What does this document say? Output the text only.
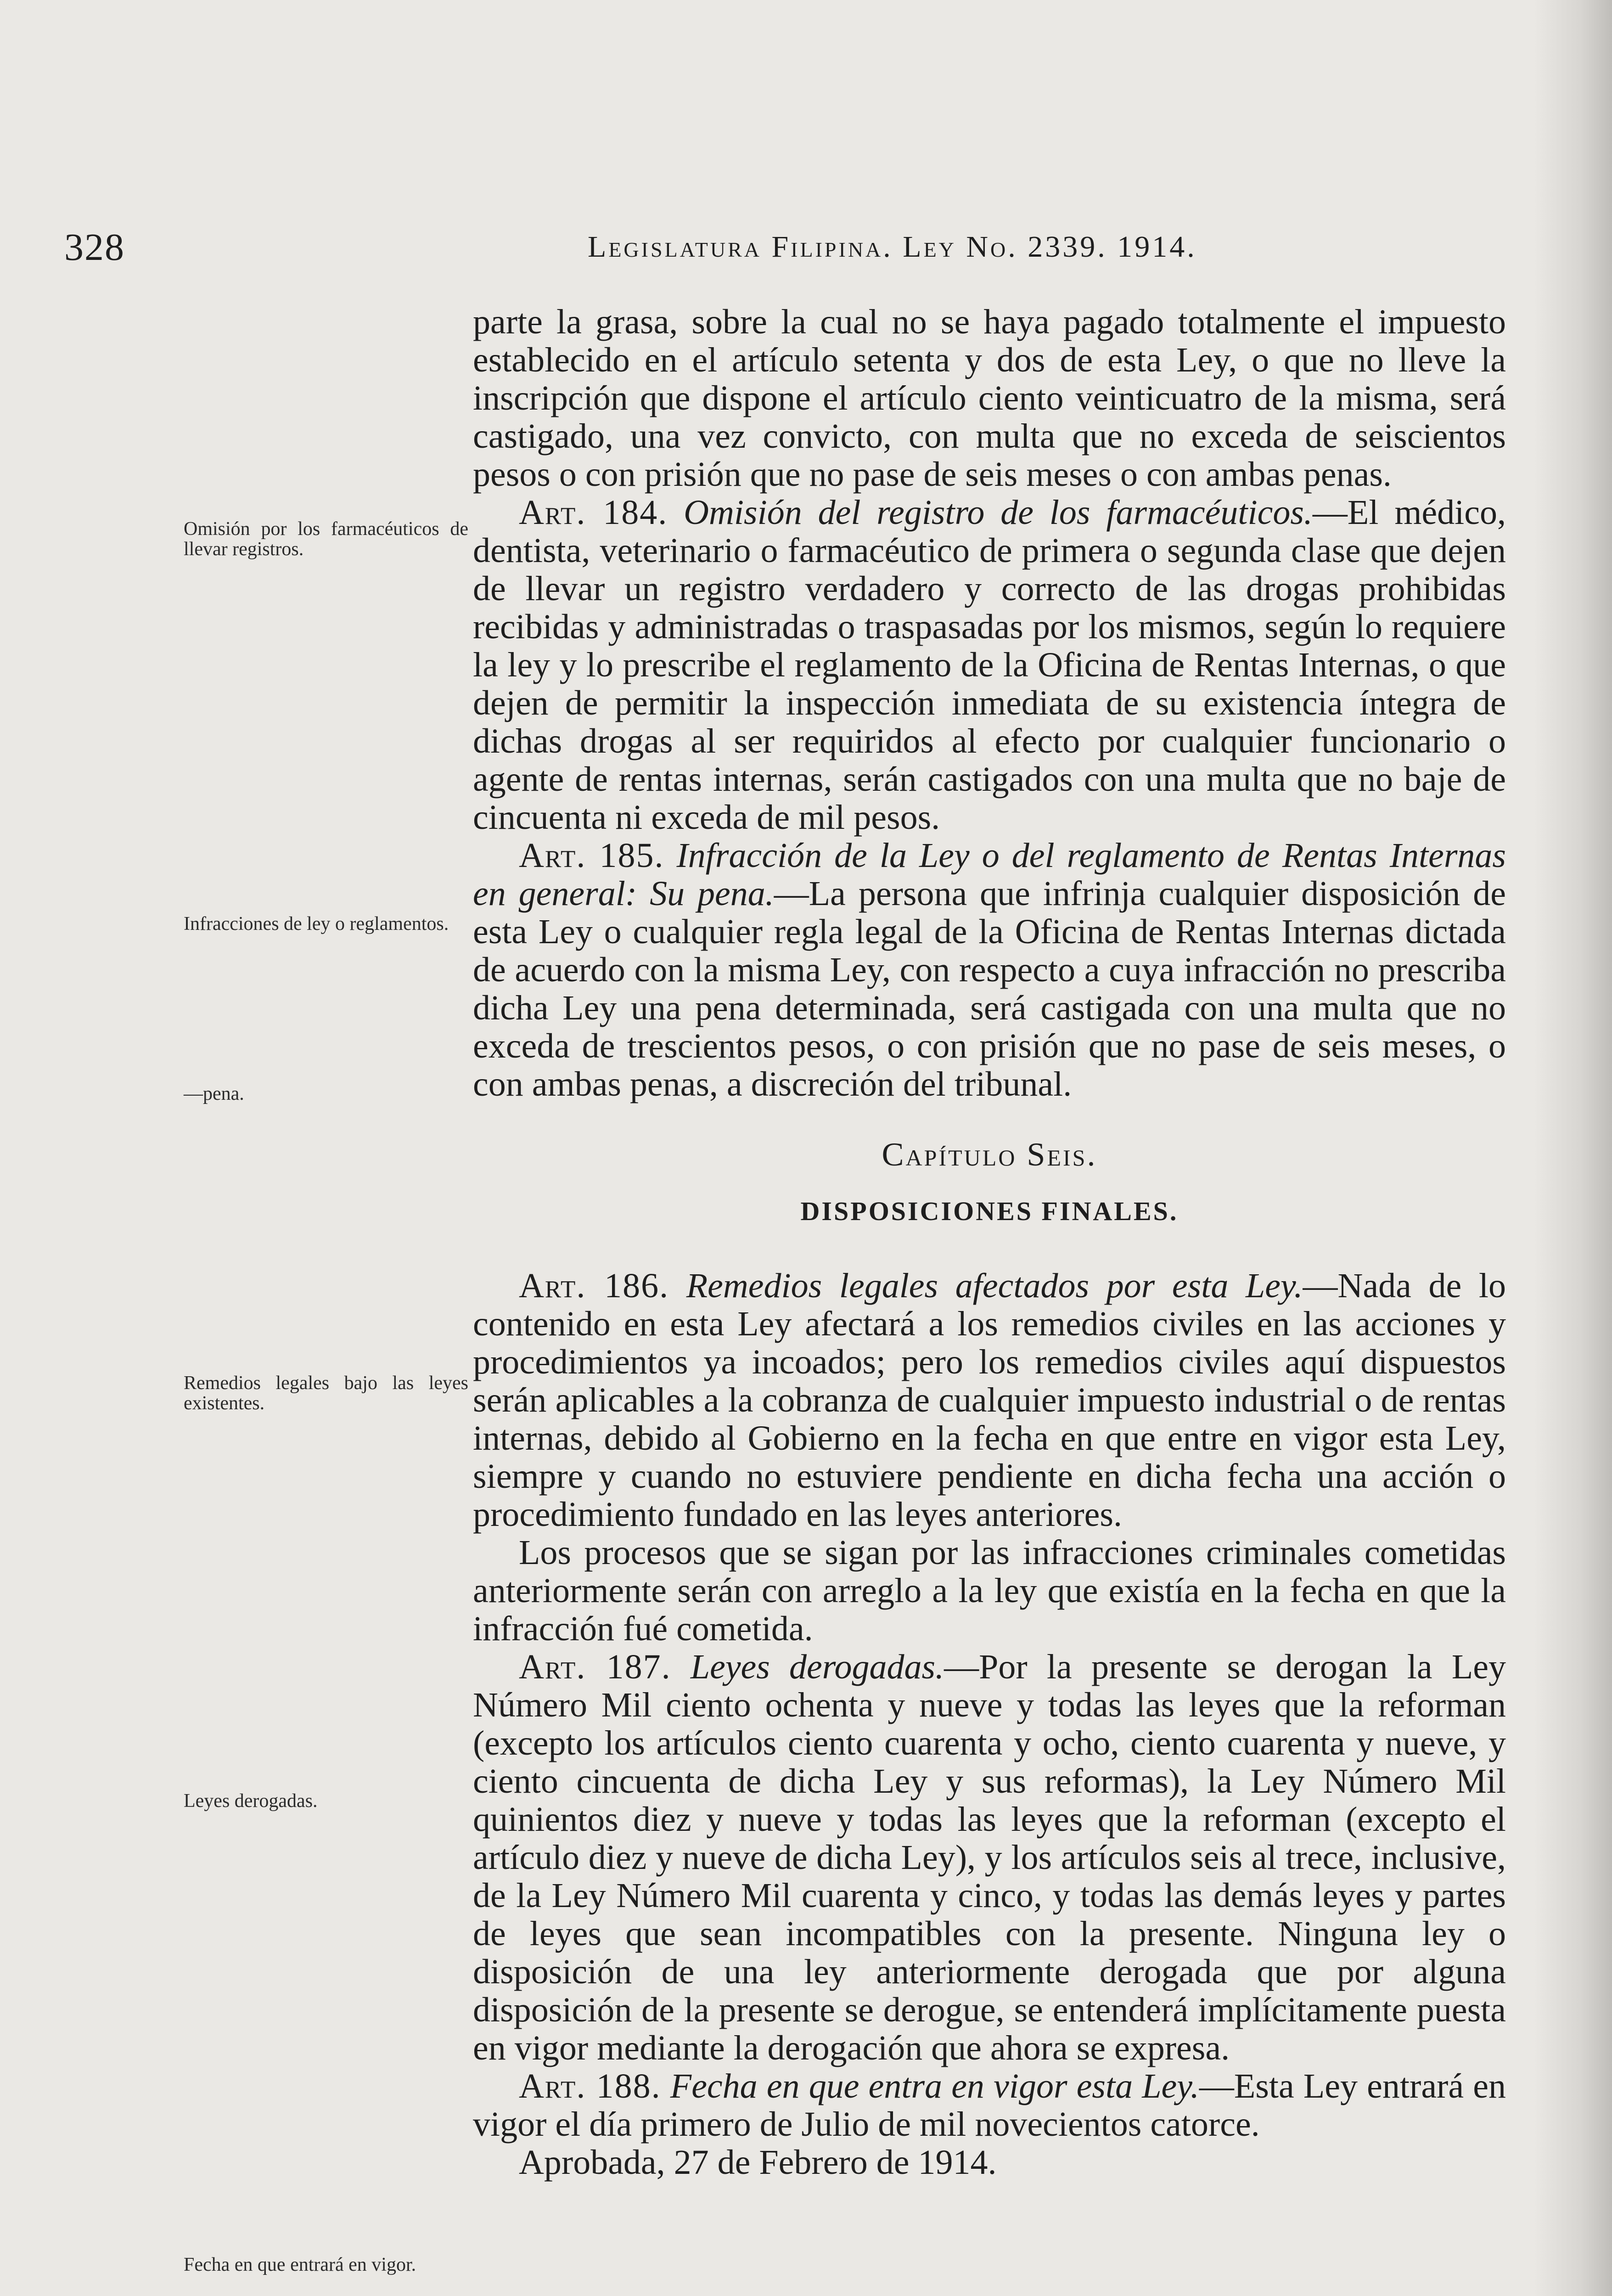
328	Legislatura Filipina. Ley No. 2339. 1914.
Omisión por los farmacéuticos de llevar registros.
Infracciones de ley o reglamentos.
—pena.
Remedios legales bajo las leyes existentes.
Leyes derogadas.
Fecha en que entrará en vigor.

parte la grasa, sobre la cual no se haya pagado totalmente el impuesto establecido en el artículo setenta y dos de esta Ley, o que no lleve la inscripción que dispone el artículo ciento veinticuatro de la misma, será castigado, una vez convicto, con multa que no exceda de seiscientos pesos o con prisión que no pase de seis meses o con ambas penas.

Art. 184. Omisión del registro de los farmacéuticos.—El médico, dentista, veterinario o farmacéutico de primera o segunda clase que dejen de llevar un registro verdadero y correcto de las drogas prohibidas recibidas y administradas o traspasadas por los mismos, según lo requiere la ley y lo prescribe el reglamento de la Oficina de Rentas Internas, o que dejen de permitir la inspección inmediata de su existencia íntegra de dichas drogas al ser requiridos al efecto por cualquier funcionario o agente de rentas internas, serán castigados con una multa que no baje de cincuenta ni exceda de mil pesos.

Art. 185. Infracción de la Ley o del reglamento de Rentas Internas en general: Su pena.—La persona que infrinja cualquier disposición de esta Ley o cualquier regla legal de la Oficina de Rentas Internas dictada de acuerdo con la misma Ley, con respecto a cuya infracción no prescriba dicha Ley una pena determinada, será castigada con una multa que no exceda de trescientos pesos, o con prisión que no pase de seis meses, o con ambas penas, a discreción del tribunal.

Capítulo Seis.
DISPOSICIONES FINALES.

Art. 186. Remedios legales afectados por esta Ley.—Nada de lo contenido en esta Ley afectará a los remedios civiles en las acciones y procedimientos ya incoados; pero los remedios civiles aquí dispuestos serán aplicables a la cobranza de cualquier impuesto industrial o de rentas internas, debido al Gobierno en la fecha en que entre en vigor esta Ley, siempre y cuando no estuviere pendiente en dicha fecha una acción o procedimiento fundado en las leyes anteriores.

Los procesos que se sigan por las infracciones criminales cometidas anteriormente serán con arreglo a la ley que existía en la fecha en que la infracción fué cometida.

Art. 187. Leyes derogadas.—Por la presente se derogan la Ley Número Mil ciento ochenta y nueve y todas las leyes que la reforman (excepto los artículos ciento cuarenta y ocho, ciento cuarenta y nueve, y ciento cincuenta de dicha Ley y sus reformas), la Ley Número Mil quinientos diez y nueve y todas las leyes que la reforman (excepto el artículo diez y nueve de dicha Ley), y los artículos seis al trece, inclusive, de la Ley Número Mil cuarenta y cinco, y todas las demás leyes y partes de leyes que sean incompatibles con la presente. Ninguna ley o disposición de una ley anteriormente derogada que por alguna disposición de la presente se derogue, se entenderá implícitamente puesta en vigor mediante la derogación que ahora se expresa.

Art. 188. Fecha en que entra en vigor esta Ley.—Esta Ley entrará en vigor el día primero de Julio de mil novecientos catorce.

Aprobada, 27 de Febrero de 1914.
